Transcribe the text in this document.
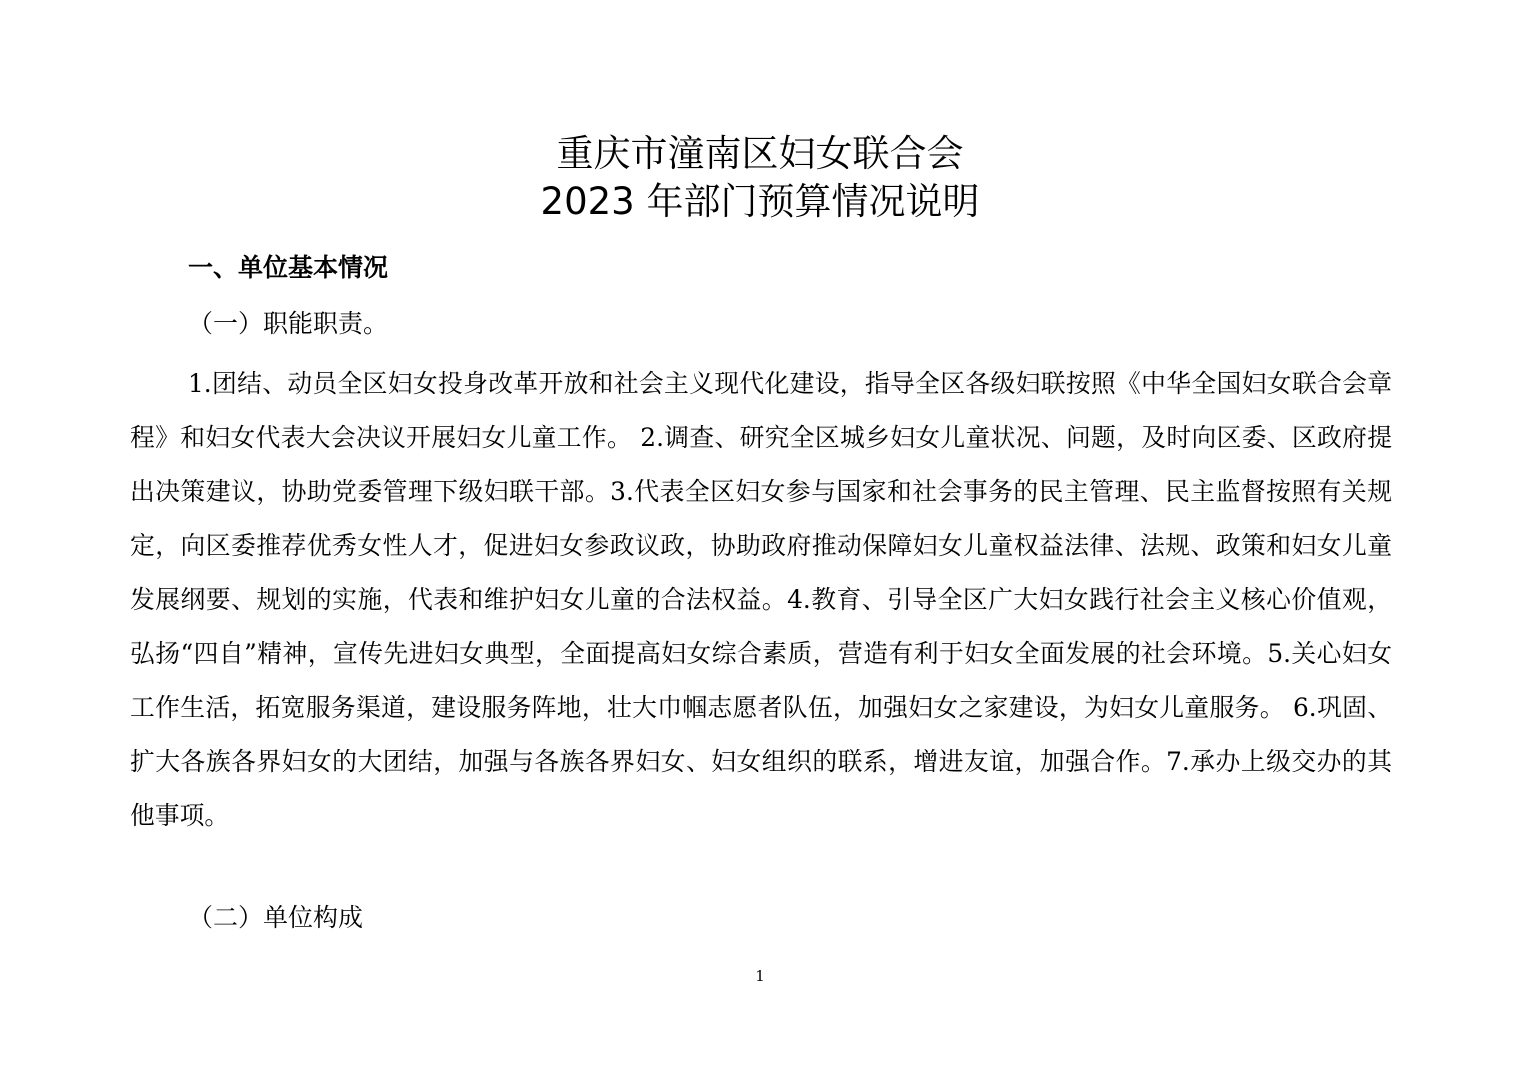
重庆市潼南区妇女联合会
2023 年部门预算情况说明
一、单位基本情况
（一）职能职责。

1.团结、动员全区妇女投身改革开放和社会主义现代化建设，指导全区各级妇联按照《中华全国妇女联合会章程》和妇女代表大会决议开展妇女儿童工作。 2.调查、研究全区城乡妇女儿童状况、问题，及时向区委、区政府提出决策建议，协助党委管理下级妇联干部。3.代表全区妇女参与国家和社会事务的民主管理、民主监督按照有关规定，向区委推荐优秀女性人才，促进妇女参政议政，协助政府推动保障妇女儿童权益法律、法规、政策和妇女儿童发展纲要、规划的实施，代表和维护妇女儿童的合法权益。4.教育、引导全区广大妇女践行社会主义核心价值观，弘扬“四自”精神，宣传先进妇女典型，全面提高妇女综合素质，营造有利于妇女全面发展的社会环境。5.关心妇女工作生活，拓宽服务渠道，建设服务阵地，壮大巾帼志愿者队伍，加强妇女之家建设，为妇女儿童服务。 6.巩固、扩大各族各界妇女的大团结，加强与各族各界妇女、妇女组织的联系，增进友谊，加强合作。7.承办上级交办的其他事项。

（二）单位构成
1
